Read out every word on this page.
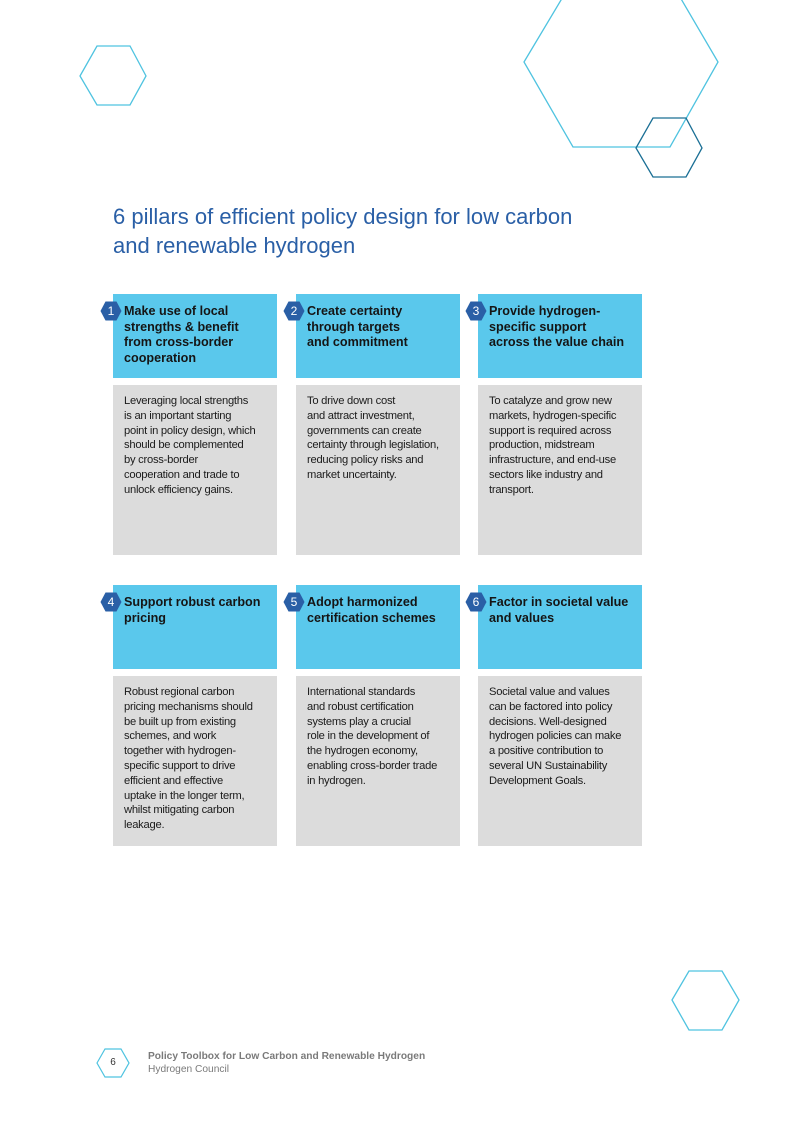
6 pillars of efficient policy design for low carbon
and renewable hydrogen
1 Make use of local
strengths & benefit
from cross-border
cooperation
Leveraging local strengths
is an important starting
point in policy design, which
should be complemented
by cross-border
cooperation and trade to
unlock efficiency gains.
2 Create certainty
through targets
and commitment
To drive down cost
and attract investment,
governments can create
certainty through legislation,
reducing policy risks and
market uncertainty.
3 Provide hydrogen-
specific support
across the value chain
To catalyze and grow new
markets, hydrogen-specific
support is required across
production, midstream
infrastructure, and end-use
sectors like industry and
transport.
4 Support robust carbon
pricing
Robust regional carbon
pricing mechanisms should
be built up from existing
schemes, and work
together with hydrogen-
specific support to drive
efficient and effective
uptake in the longer term,
whilst mitigating carbon
leakage.
5 Adopt harmonized
certification schemes
International standards
and robust certification
systems play a crucial
role in the development of
the hydrogen economy,
enabling cross-border trade
in hydrogen.
6 Factor in societal value
and values
Societal value and values
can be factored into policy
decisions. Well-designed
hydrogen policies can make
a positive contribution to
several UN Sustainability
Development Goals.
6
Policy Toolbox for Low Carbon and Renewable Hydrogen
Hydrogen Council
